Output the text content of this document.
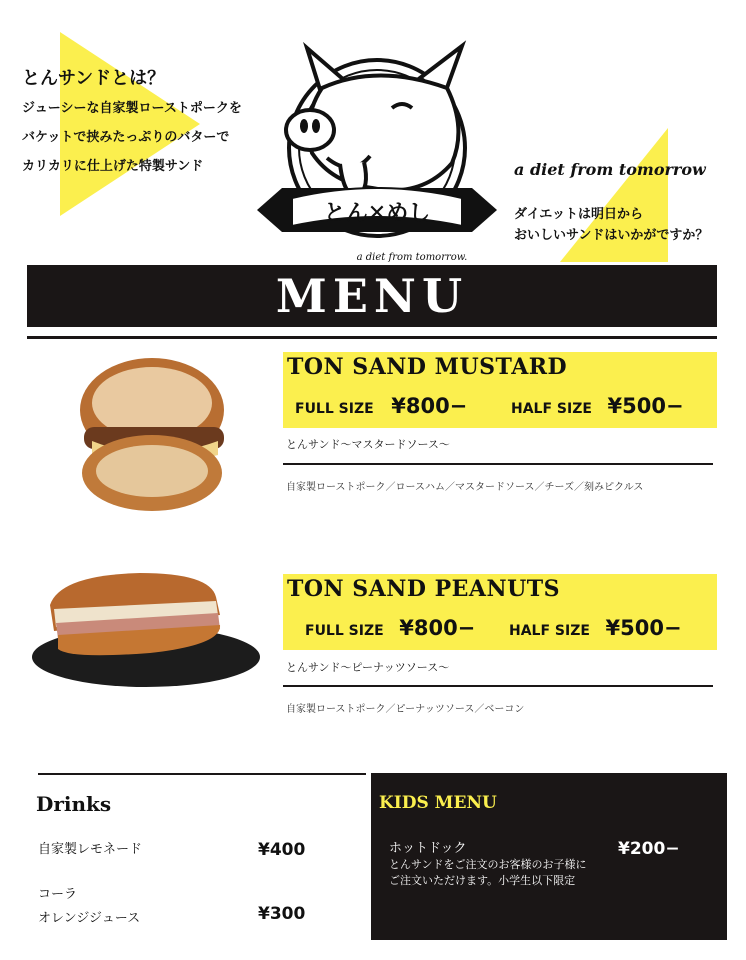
とんサンドとは？
ジューシーな自家製ローストポークを
バケットで挟みたっぷりのバターで
カリカリに仕上げた特製サンド
とん✕めし
a diet from tomorrow.
a diet from tomorrow
ダイエットは明日から
おいしいサンドはいかがですか？
MENU
TON SAND MUSTARD
FULL SIZE ¥800−	HALF SIZE ¥500−
とんサンド〜マスタードソース〜
自家製ローストポーク／ロースハム／マスタードソース／チーズ／刻みピクルス
TON SAND PEANUTS
FULL SIZE ¥800− HALF SIZE ¥500−
とんサンド〜ピーナッツソース〜
自家製ローストポーク／ピーナッツソース／ベーコン
Drinks
自家製レモネード	¥400
コーラ
オレンジジュース	¥300
KIDS MENU
ホットドック	¥200−
とんサンドをご注文のお客様のお子様に
ご注文いただけます。小学生以下限定
